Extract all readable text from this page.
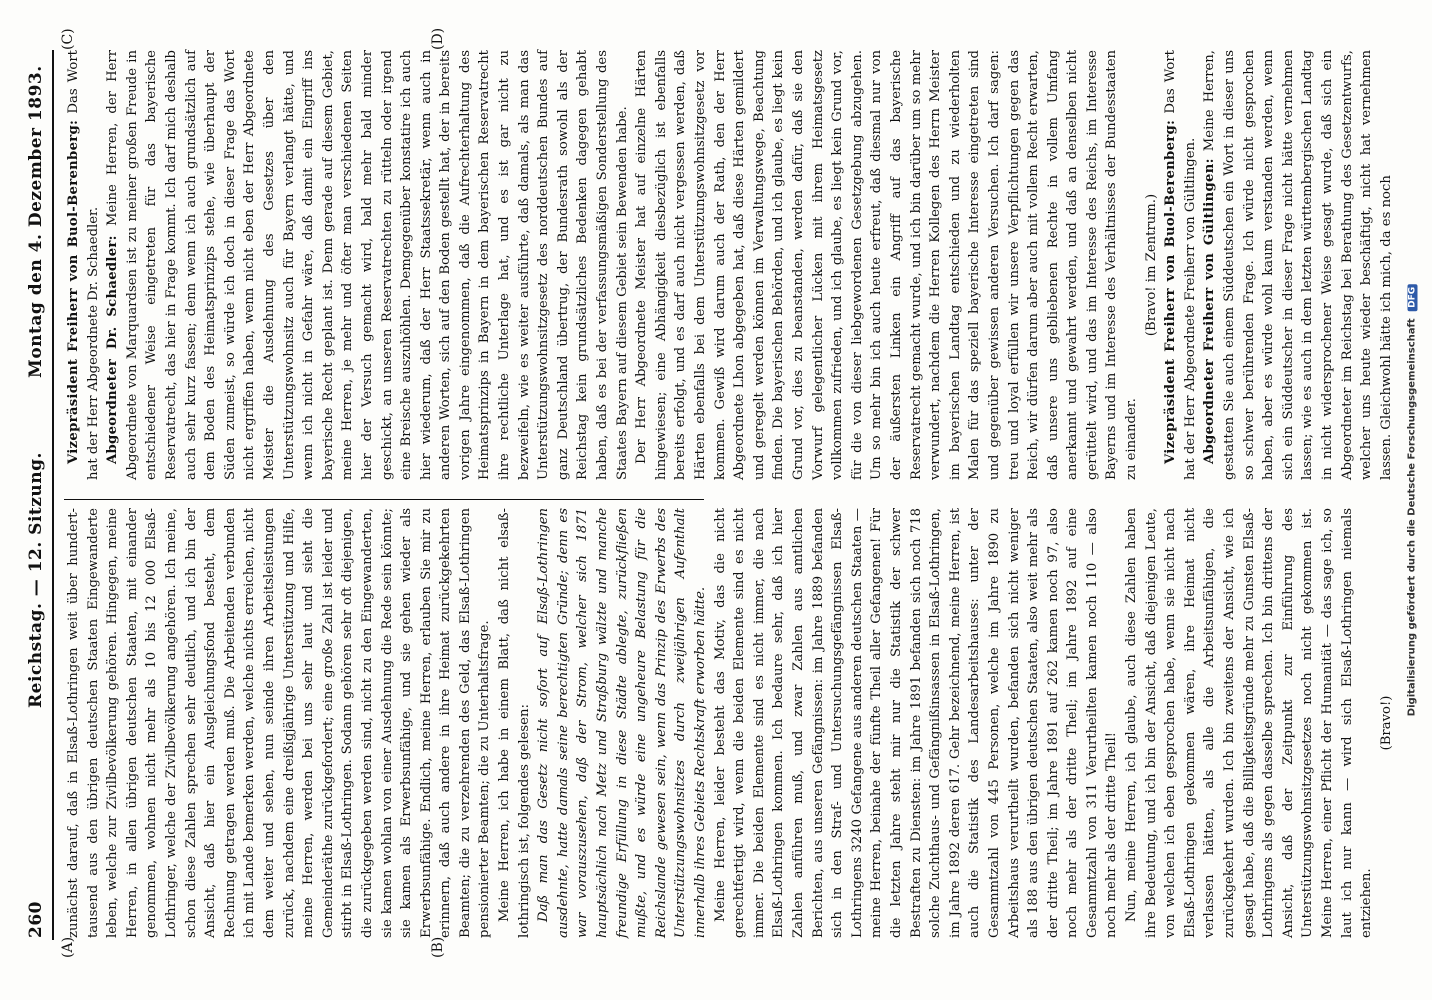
260
Reichstag. — 12. Sitzung.
Montag den 4. Dezember 1893.
(A)	(B)
(C)	(D)

zunächst darauf, daß in Elsaß-Lothringen weit über hundert-tausend aus den übrigen deutschen Staaten Eingewanderte leben, welche zur Zivilbevölkerung gehören. Hingegen, meine Herren, in allen übrigen deutschen Staaten, mit einander genommen, wohnen nicht mehr als 10 bis 12 000 Elsaß-Lothringer, welche der Zivilbevölkerung angehören. Ich meine, schon diese Zahlen sprechen sehr deutlich, und ich bin der Ansicht, daß hier ein Ausgleichungsfond besteht, dem Rechnung getragen werden muß. Die Arbeitenden verbunden ich mit Lande bemerken werden, welche nichts erreichen, nicht dem weiter und sehen, nun seinde ihren Arbeitsleistungen zurück, nachdem eine dreißigjährige Unterstützung und Hilfe, meine Herren, werden bei uns sehr laut und sieht die Gemeinderäthe zurückgefordert; eine große Zahl ist leider und stirbt in Elsaß-Lothringen. Sodann gehören sehr oft diejenigen, die zurückgegeben werden sind, nicht zu den Eingewanderten, sie kamen wohlan von einer Ausdehnung die Rede sein könnte; sie kamen als Erwerbsunfähige, und sie gehen wieder als Erwerbsunfähige. Endlich, meine Herren, erlauben Sie mir zu erinnern, daß auch andere in ihre Heimat zurückgekehrten Beamten; die zu verzehrenden des Geld, das Elsaß-Lothringen pensionierter Beamten; die zu Unterhaltsfrage. Meine Herren, ich habe in einem Blatt, daß nicht elsaß-lothringisch ist, folgendes gelesen: Daß man das Gesetz nicht sofort auf Elsaß-Lothringen ausdehnte, hatte damals seine berechtigten Gründe; denn es war vorauszusehen, daß der Strom, welcher sich 1871 hauptsächlich nach Metz und Straßburg wälzte und manche freundige Erfüllung in diese Städte ablegte, zurückfließen mußte, und es würde eine ungeheure Belastung für die Reichslande gewesen sein, wenn das Prinzip des Erwerbs des Unterstützungswohnsitzes durch zweijährigen Aufenthalt innerhalb ihres Gebiets Rechtskraft erworben hätte. Meine Herren, leider besteht das Motiv, das die nicht gerechtfertigt wird, wenn die beiden Elemente sind es nicht immer. Die beiden Elemente sind es nicht immer, die nach Elsaß-Lothringen kommen. Ich bedaure sehr, daß ich hier Zahlen anführen muß, und zwar Zahlen aus amtlichen Berichten, aus unseren Gefängnissen: im Jahre 1889 befanden sich in den Straf- und Untersuchungsgefängnissen Elsaß-Lothringens 3240 Gefangene aus anderen deutschen Staaten — meine Herren, beinahe der fünfte Theil aller Gefangenen! Für die letzten Jahre steht mir nur die Statistik der schwer Bestraften zu Diensten: im Jahre 1891 befanden sich noch 718 solche Zuchthaus- und Gefängnißinsassen in Elsaß-Lothringen, im Jahre 1892 deren 617. Gehr bezeichnend, meine Herren, ist auch die Statistik des Landesarbeitshauses: unter der Gesammtzahl von 445 Personen, welche im Jahre 1890 zu Arbeitshaus verurtheilt wurden, befanden sich nicht weniger als 188 aus den übrigen deutschen Staaten, also weit mehr als der dritte Theil; im Jahre 1891 auf 262 kamen noch 97, also noch mehr als der dritte Theil; im Jahre 1892 auf eine Gesammtzahl von 311 Verurtheilten kamen noch 110 — also noch mehr als der dritte Theil! Nun, meine Herren, ich glaube, auch diese Zahlen haben ihre Bedeutung, und ich bin der Ansicht, daß diejenigen Leute, von welchen ich eben gesprochen habe, wenn sie nicht nach Elsaß-Lothringen gekommen wären, ihre Heimat nicht verlassen hätten, als alle die Arbeitsunfähigen, die zurückgekehrt wurden. Ich bin zweitens der Ansicht, wie ich gesagt habe, daß die Billigkeitsgründe mehr zu Gunsten Elsaß-Lothringens als gegen dasselbe sprechen. Ich bin drittens der Ansicht, daß der Zeitpunkt zur Einführung des Unterstützungswohnsitzgesetzes noch nicht gekommen ist. Meine Herren, einer Pflicht der Humanität — das sage ich, so laut ich nur kann — wird sich Elsaß-Lothringen niemals entziehen.

(Bravo!)

Vizepräsident Freiherr von Buol-Berenberg: Das Wort hat der Herr Abgeordnete Dr. Schaedler. Abgeordneter Dr. Schaedler: Meine Herren, der Herr Abgeordnete von Marquardsen ist zu meiner großen Freude in entschiedener Weise eingetreten für das bayerische Reservatrecht, das hier in Frage kommt. Ich darf mich deshalb auch sehr kurz fassen; denn wenn ich auch grundsätzlich auf dem Boden des Heimatsprinzips stehe, wie überhaupt der Süden zumeist, so würde ich doch in dieser Frage das Wort nicht ergriffen haben, wenn nicht eben der Herr Abgeordnete Meister die Ausdehnung des Gesetzes über den Unterstützungswohnsitz auch für Bayern verlangt hätte, und wenn ich nicht in Gefahr wäre, daß damit ein Eingriff ins bayerische Recht geplant ist. Denn gerade auf diesem Gebiet, meine Herren, je mehr und öfter man verschiedenen Seiten hier der Versuch gemacht wird, bald mehr bald minder geschickt, an unseren Reservatrechten zu rütteln oder irgend eine Breische auszuhöhlen. Demgegenüber konstatire ich auch hier wiederum, daß der Herr Staatssekretär, wenn auch in anderen Worten, sich auf den Boden gestellt hat, der in bereits vorigen Jahre eingenommen, daß die Aufrechterhaltung des Heimatsprinzips in Bayern in dem bayerischen Reservatrecht ihre rechtliche Unterlage hat, und es ist gar nicht zu bezweifeln, wie es weiter ausführte, daß damals, als man das Unterstützungswohnsitzgesetz des norddeutschen Bundes auf ganz Deutschland übertrug, der Bundesrath sowohl als der Reichstag kein grundsätzliches Bedenken dagegen gehabt haben, daß es bei der verfassungsmäßigen Sonderstellung des Staates Bayern auf diesem Gebiet sein Bewenden habe. Der Herr Abgeordnete Meister hat auf einzelne Härten hingewiesen; eine Abhängigkeit diesbezüglich ist ebenfalls bereits erfolgt, und es darf auch nicht vergessen werden, daß Härten ebenfalls bei dem Unterstützungswohnsitzgesetz vor kommen. Gewiß wird darum auch der Rath, den der Herr Abgeordnete Lhon abgegeben hat, daß diese Härten gemildert und geregelt werden können im Verwaltungswege, Beachtung finden. Die bayerischen Behörden, und ich glaube, es liegt kein Grund vor, dies zu beanstanden, werden dafür, daß sie den Vorwurf gelegentlicher Lücken mit ihrem Heimatsgesetz vollkommen zufrieden, und ich glaube, es liegt kein Grund vor, für die von dieser liebgewordenen Gesetzgebung abzugehen. Um so mehr bin ich auch heute erfreut, daß diesmal nur von der äußersten Linken ein Angriff auf das bayerische Reservatrecht gemacht wurde, und ich bin darüber um so mehr verwundert, nachdem die Herren Kollegen des Herrn Meister im bayerischen Landtag entschieden und zu wiederholten Malen für das speziell bayerische Interesse eingetreten sind und gegenüber gewissen anderen Versuchen. Ich darf sagen: treu und loyal erfüllen wir unsere Verpflichtungen gegen das Reich, wir dürfen darum aber auch mit vollem Recht erwarten, daß unsere uns gebliebenen Rechte in vollem Umfang anerkannt und gewahrt werden, und daß an denselben nicht gerüttelt wird, und das im Interesse des Reichs, im Interesse Bayerns und im Interesse des Verhältnisses der Bundesstaaten zu einander.

(Bravo! im Zentrum.) Vizepräsident Freiherr von Buol-Berenberg: Das Wort hat der Herr Abgeordnete Freiherr von Gültlingen. Abgeordneter Freiherr von Gültlingen: Meine Herren, gestatten Sie auch einem Süddeutschen ein Wort in dieser uns so schwer berührenden Frage. Ich würde nicht gesprochen haben, aber es würde wohl kaum verstanden werden, wenn sich ein Süddeutscher in dieser Frage nicht hätte vernehmen lassen; wie es auch in dem letzten württembergischen Landtag in nicht widersprochener Weise gesagt wurde, daß sich ein Abgeordneter im Reichstag bei Berathung des Gesetzentwurfs, welcher uns heute wieder beschäftigt, nicht hat vernehmen lassen. Gleichwohl hätte ich mich, da es noch Digitalisierung gefördert durch die Deutsche Forschungsgemeinschaft DFG
